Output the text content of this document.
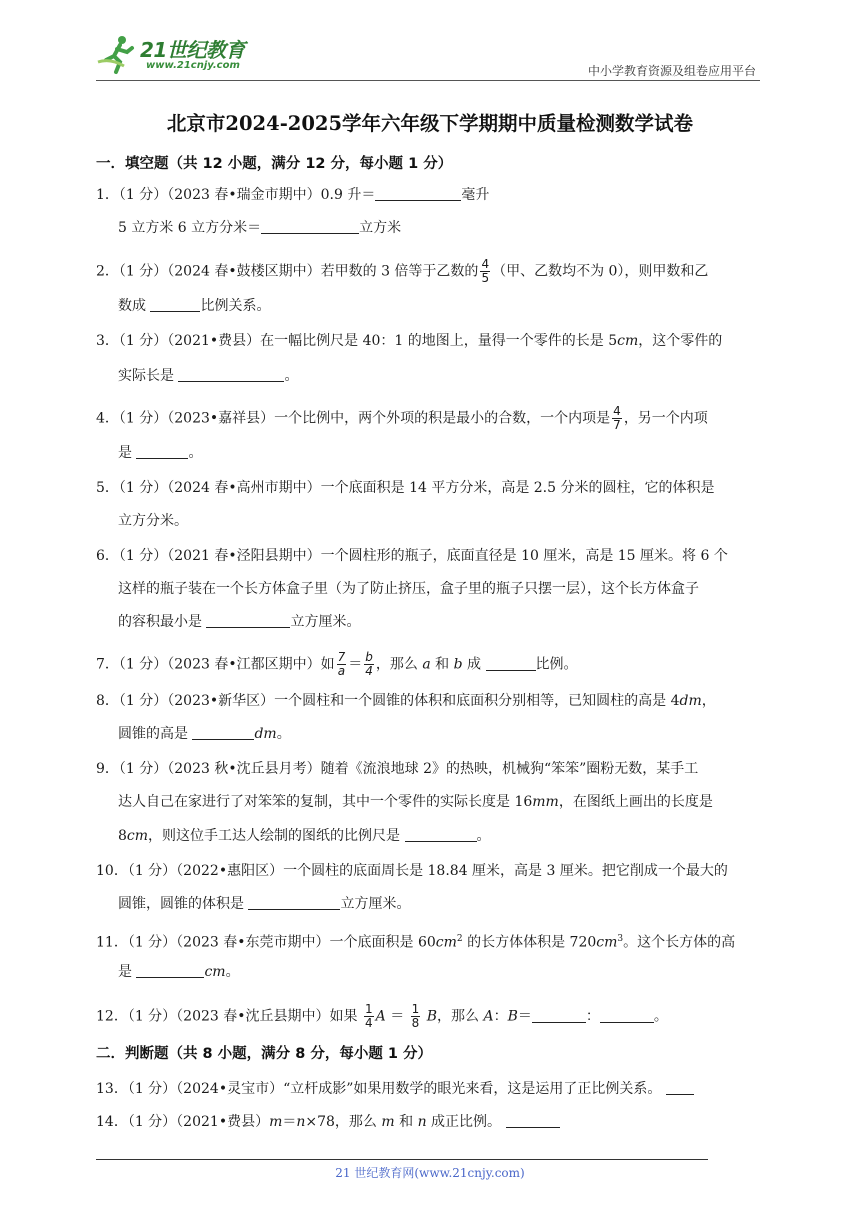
21世纪教育
www.21cnjy.com	中小学教育资源及组卷应用平台
北京市2024-2025学年六年级下学期期中质量检测数学试卷
一．填空题（共 12 小题，满分 12 分，每小题 1 分）
1．（1 分）（2023 春•瑞金市期中）0.9 升＝	毫升
5 立方米 6 立方分米＝	立方米
2．（1 分）（2024 春•鼓楼区期中）若甲数的 3 倍等于乙数的 $\frac{4}{5}$ （甲、乙数均不为 0），则甲数和乙
数成	比例关系。
3．（1 分）（2021•费县）在一幅比例尺是 40：1 的地图上，量得一个零件的长是 5cm，这个零件的
实际长是	。
4．（1 分）（2023•嘉祥县）一个比例中，两个外项的积是最小的合数，一个内项是 $\frac{4}{7}$ ，另一个内项
是	。
5．（1 分）（2024 春•高州市期中）一个底面积是 14 平方分米，高是 2.5 分米的圆柱，它的体积是
立方分米。
6．（1 分）（2021 春•泾阳县期中）一个圆柱形的瓶子，底面直径是 10 厘米，高是 15 厘米。将 6 个
这样的瓶子装在一个长方体盒子里（为了防止挤压，盒子里的瓶子只摆一层），这个长方体盒子
的容积最小是	立方厘米。
7．（1 分）（2023 春•江都区期中）如 $\frac{7}{a} = \frac{b}{4}$ ，那么 a 和 b 成	比例。
8．（1 分）（2023•新华区）一个圆柱和一个圆锥的体积和底面积分别相等，已知圆柱的高是 4dm，
圆锥的高是	dm。
9．（1 分）（2023 秋•沈丘县月考）随着《流浪地球 2》的热映，机械狗“笨笨”圈粉无数，某手工
达人自己在家进行了对笨笨的复制，其中一个零件的实际长度是 16mm，在图纸上画出的长度是
8cm，则这位手工达人绘制的图纸的比例尺是	。
10．（1 分）（2022•惠阳区）一个圆柱的底面周长是 18.84 厘米，高是 3 厘米。把它削成一个最大的
圆锥，圆锥的体积是	立方厘米。
11．（1 分）（2023 春•东莞市期中）一个底面积是 $60cm^2$ 的长方体体积是 $720cm^3$。这个长方体的高
是	cm。
12．（1 分）（2023 春•沈丘县期中）如果 $\frac{1}{4}$ $A = \frac{1}{8}$ B，那么 A：B＝	：	。
二．判断题（共 8 小题，满分 8 分，每小题 1 分）
13．（1 分）（2024•灵宝市）“立杆成影”如果用数学的眼光来看，这是运用了正比例关系。
14．（1 分）（2021•费县）m＝n×78，那么 m 和 n 成正比例。
21 世纪教育网(www.21cnjy.com)
